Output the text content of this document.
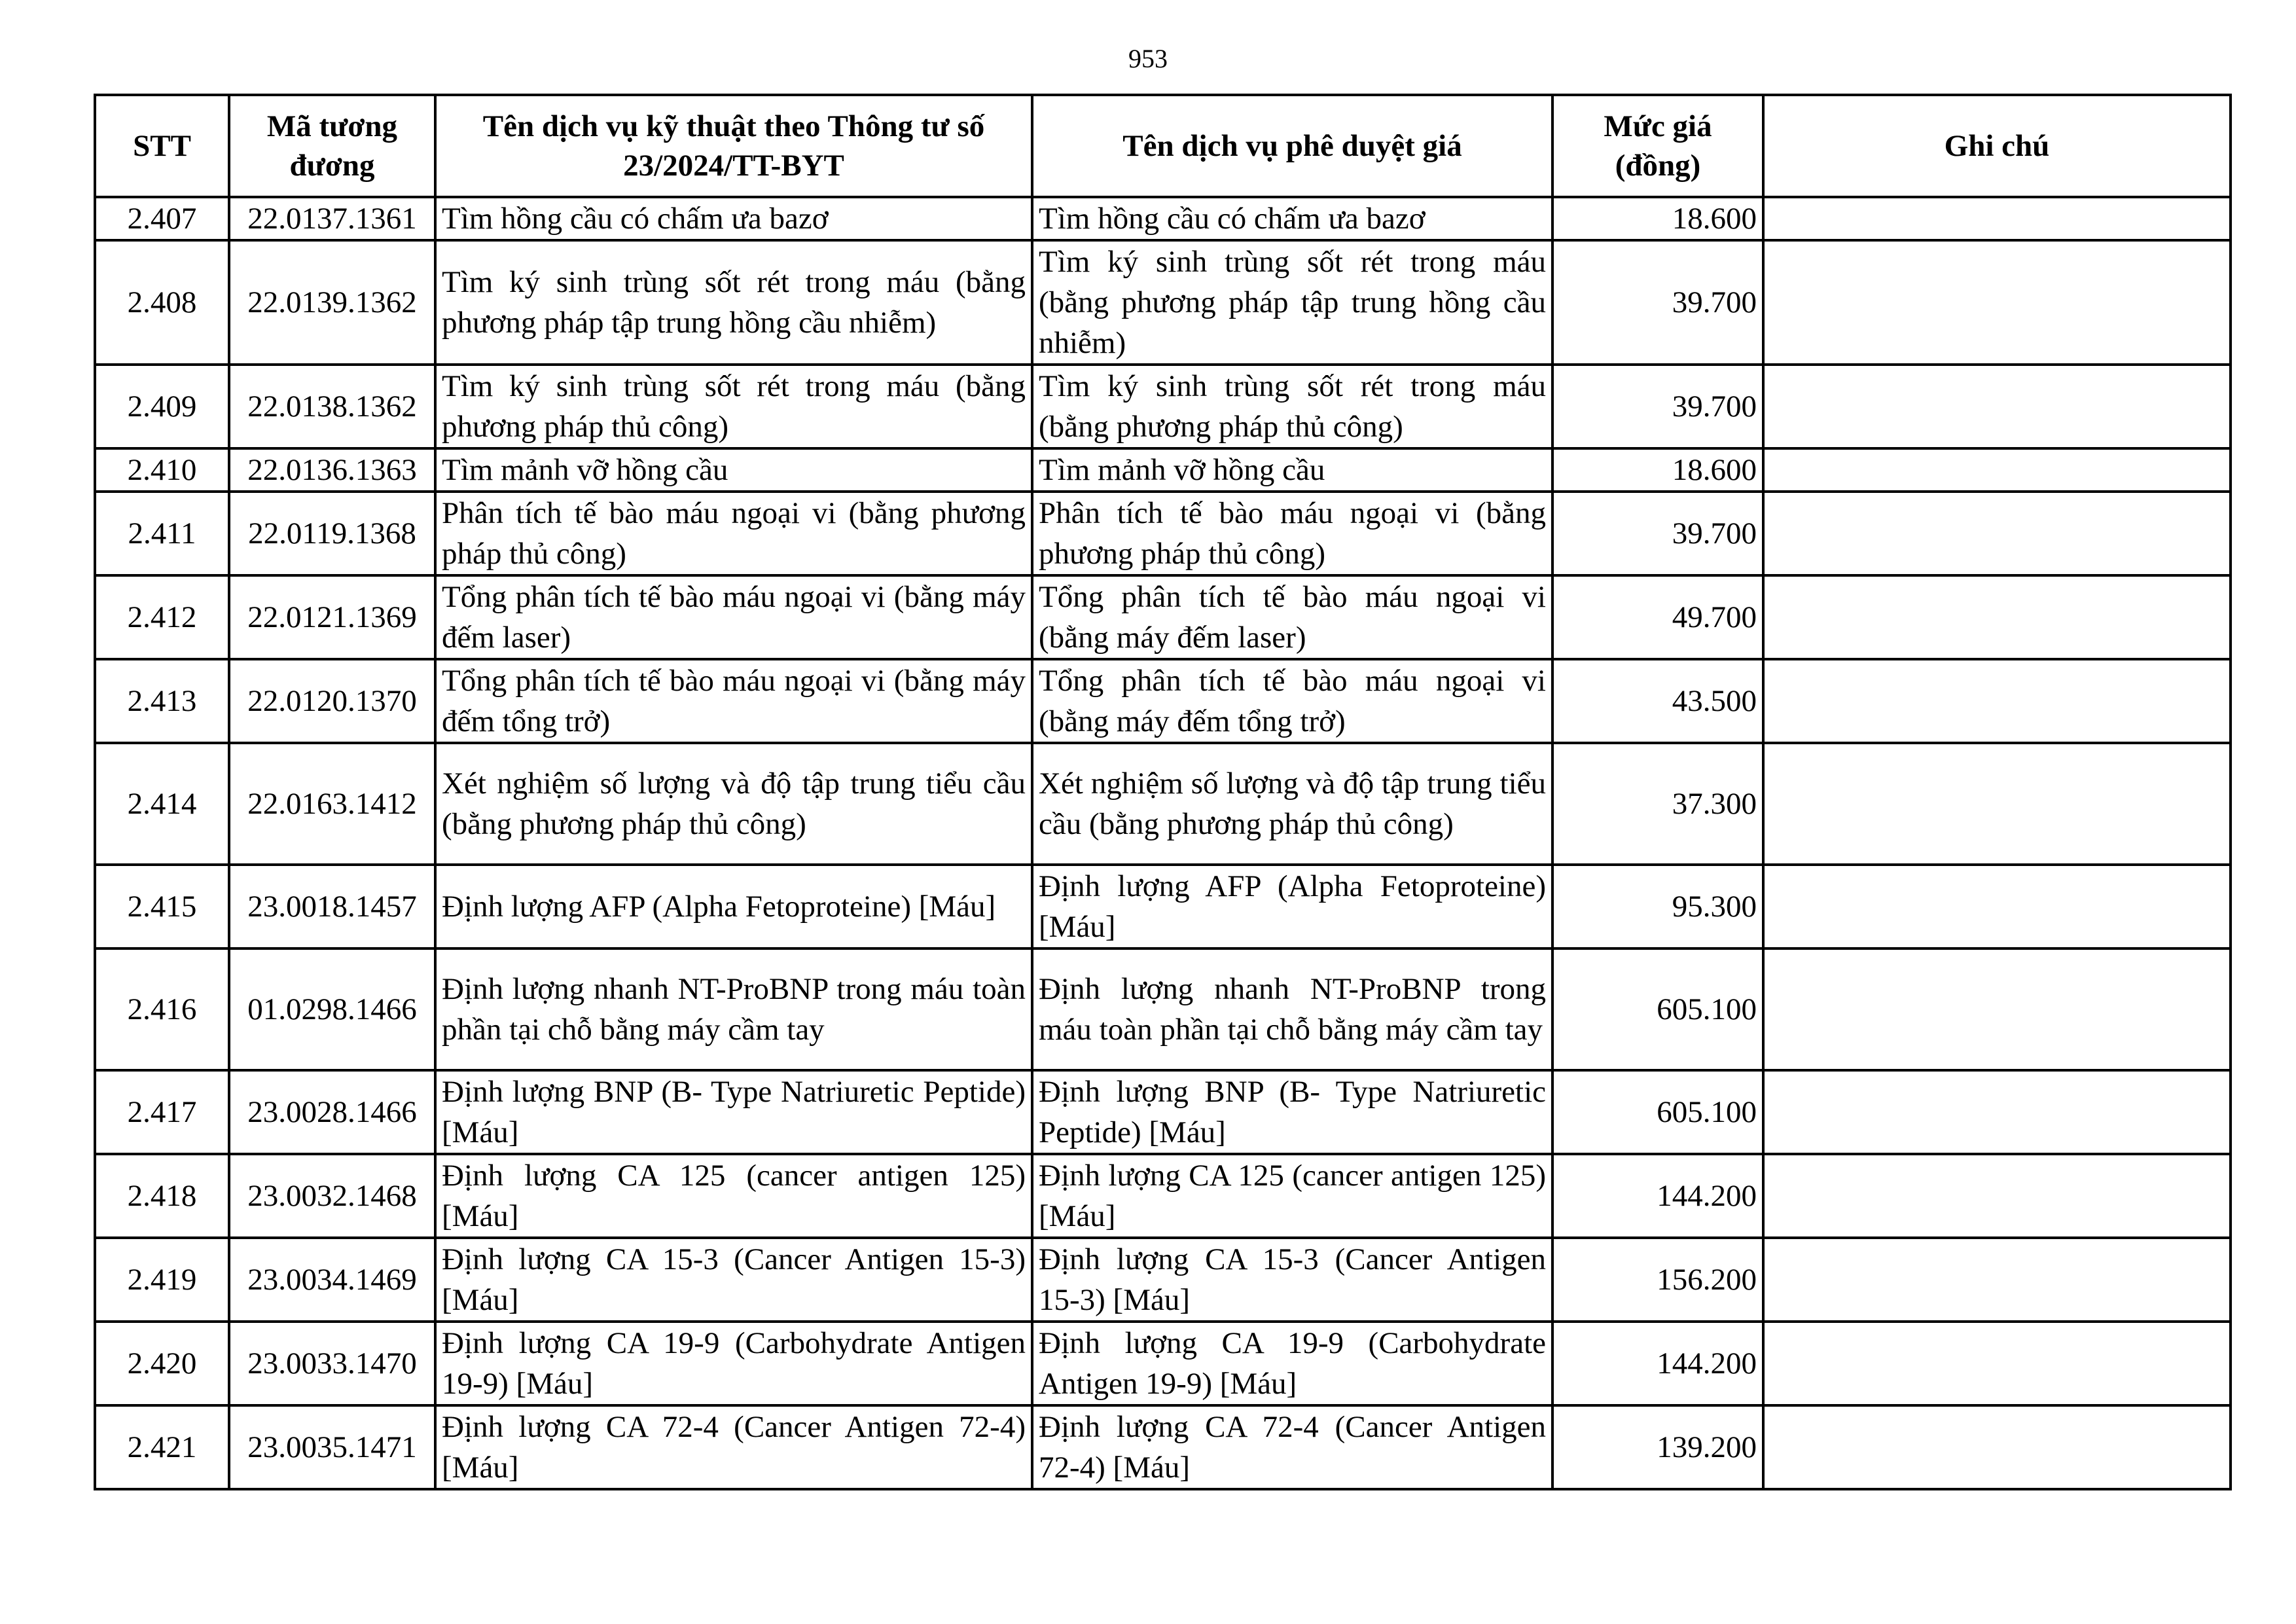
953
STT	Mã tương đương	Tên dịch vụ kỹ thuật theo Thông tư số 23/2024/TT-BYT	Tên dịch vụ phê duyệt giá	Mức giá (đồng)	Ghi chú
2.407	22.0137.1361	Tìm hồng cầu có chấm ưa bazơ	Tìm hồng cầu có chấm ưa bazơ	18.600	
2.408	22.0139.1362	Tìm ký sinh trùng sốt rét trong máu (bằng phương pháp tập trung hồng cầu nhiễm)	Tìm ký sinh trùng sốt rét trong máu (bằng phương pháp tập trung hồng cầu nhiễm)	39.700	
2.409	22.0138.1362	Tìm ký sinh trùng sốt rét trong máu (bằng phương pháp thủ công)	Tìm ký sinh trùng sốt rét trong máu (bằng phương pháp thủ công)	39.700	
2.410	22.0136.1363	Tìm mảnh vỡ hồng cầu	Tìm mảnh vỡ hồng cầu	18.600	
2.411	22.0119.1368	Phân tích tế bào máu ngoại vi (bằng phương pháp thủ công)	Phân tích tế bào máu ngoại vi (bằng phương pháp thủ công)	39.700	
2.412	22.0121.1369	Tổng phân tích tế bào máu ngoại vi (bằng máy đếm laser)	Tổng phân tích tế bào máu ngoại vi (bằng máy đếm laser)	49.700	
2.413	22.0120.1370	Tổng phân tích tế bào máu ngoại vi (bằng máy đếm tổng trở)	Tổng phân tích tế bào máu ngoại vi (bằng máy đếm tổng trở)	43.500	
2.414	22.0163.1412	Xét nghiệm số lượng và độ tập trung tiểu cầu (bằng phương pháp thủ công)	Xét nghiệm số lượng và độ tập trung tiểu cầu (bằng phương pháp thủ công)	37.300	
2.415	23.0018.1457	Định lượng AFP (Alpha Fetoproteine) [Máu]	Định lượng AFP (Alpha Fetoproteine) [Máu]	95.300	
2.416	01.0298.1466	Định lượng nhanh NT-ProBNP trong máu toàn phần tại chỗ bằng máy cầm tay	Định lượng nhanh NT-ProBNP trong máu toàn phần tại chỗ bằng máy cầm tay	605.100	
2.417	23.0028.1466	Định lượng BNP (B- Type Natriuretic Peptide) [Máu]	Định lượng BNP (B- Type Natriuretic Peptide) [Máu]	605.100	
2.418	23.0032.1468	Định lượng CA 125 (cancer antigen 125) [Máu]	Định lượng CA 125 (cancer antigen 125) [Máu]	144.200	
2.419	23.0034.1469	Định lượng CA 15-3 (Cancer Antigen 15-3) [Máu]	Định lượng CA 15-3 (Cancer Antigen 15-3) [Máu]	156.200	
2.420	23.0033.1470	Định lượng CA 19-9 (Carbohydrate Antigen 19-9) [Máu]	Định lượng CA 19-9 (Carbohydrate Antigen 19-9) [Máu]	144.200	
2.421	23.0035.1471	Định lượng CA 72-4 (Cancer Antigen 72-4) [Máu]	Định lượng CA 72-4 (Cancer Antigen 72-4) [Máu]	139.200	
